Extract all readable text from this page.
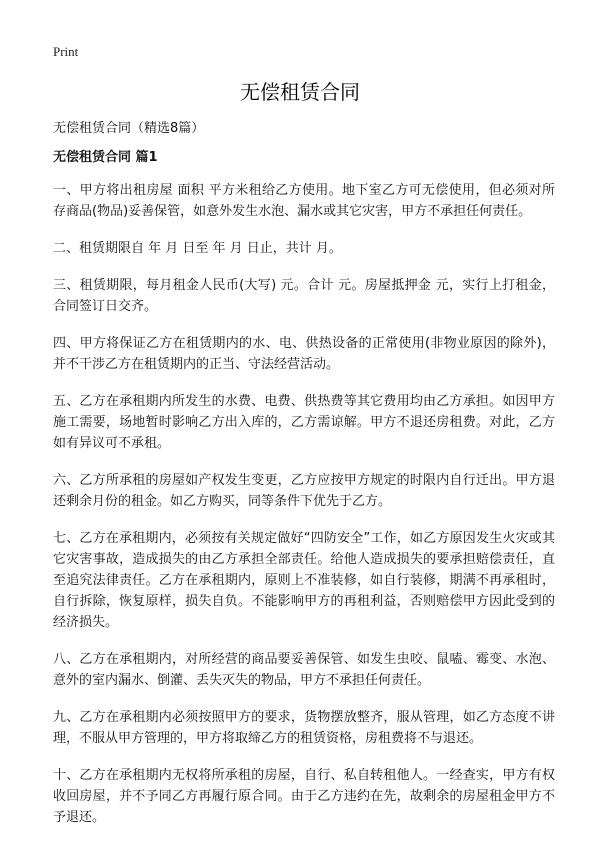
Print
无偿租赁合同
无偿租赁合同（精选8篇）
无偿租赁合同 篇1

一、甲方将出租房屋 面积 平方米租给乙方使用。地下室乙方可无偿使用，但必须对所存商品(物品)妥善保管，如意外发生水泡、漏水或其它灾害，甲方不承担任何责任。

二、租赁期限自 年 月 日至 年 月 日止，共计 月。

三、租赁期限，每月租金人民币(大写) 元。合计 元。房屋抵押金 元，实行上打租金，合同签订日交齐。

四、甲方将保证乙方在租赁期内的水、电、供热设备的正常使用(非物业原因的除外)，并不干涉乙方在租赁期内的正当、守法经营活动。

五、乙方在承租期内所发生的水费、电费、供热费等其它费用均由乙方承担。如因甲方施工需要，场地暂时影响乙方出入库的，乙方需谅解。甲方不退还房租费。对此，乙方如有异议可不承租。

六、乙方所承租的房屋如产权发生变更，乙方应按甲方规定的时限内自行迁出。甲方退还剩余月份的租金。如乙方购买，同等条件下优先于乙方。

七、乙方在承租期内，必须按有关规定做好“四防安全”工作，如乙方原因发生火灾或其它灾害事故，造成损失的由乙方承担全部责任。给他人造成损失的要承担赔偿责任，直至追究法律责任。乙方在承租期内，原则上不准装修，如自行装修，期满不再承租时，自行拆除，恢复原样，损失自负。不能影响甲方的再租利益，否则赔偿甲方因此受到的经济损失。

八、乙方在承租期内，对所经营的商品要妥善保管、如发生虫咬、鼠嗑、霉变、水泡、意外的室内漏水、倒灌、丢失灭失的物品，甲方不承担任何责任。

九、乙方在承租期内必须按照甲方的要求，货物摆放整齐，服从管理，如乙方态度不讲理，不服从甲方管理的，甲方将取缔乙方的租赁资格，房租费将不与退还。

十、乙方在承租期内无权将所承租的房屋，自行、私自转租他人。一经查实，甲方有权收回房屋，并不予同乙方再履行原合同。由于乙方违约在先，故剩余的房屋租金甲方不予退还。
